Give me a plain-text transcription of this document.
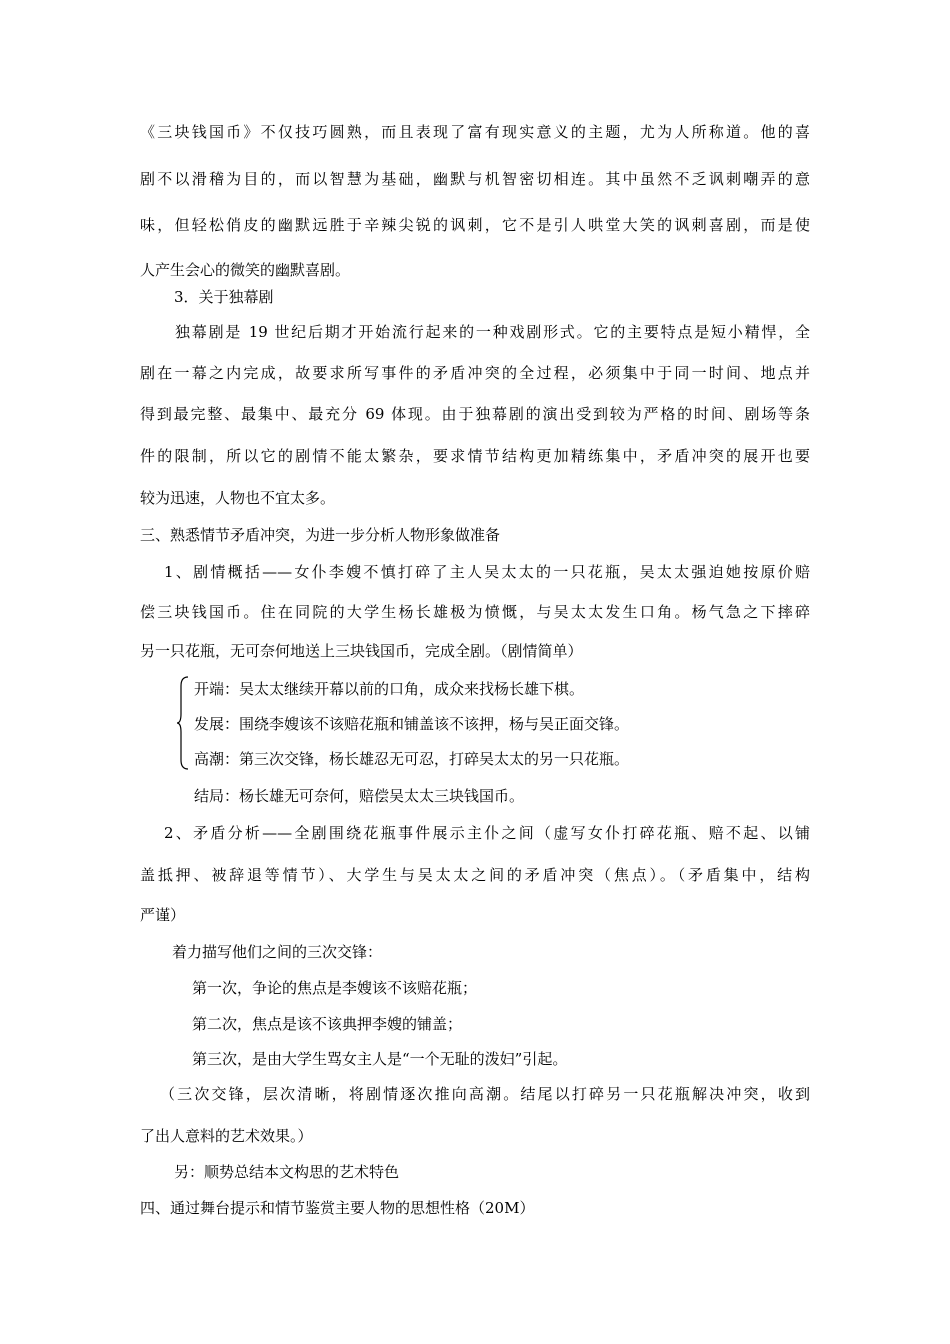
《三块钱国币》不仅技巧圆熟，而且表现了富有现实意义的主题，尤为人所称道。他的喜
剧不以滑稽为目的，而以智慧为基础，幽默与机智密切相连。其中虽然不乏讽刺嘲弄的意
味，但轻松俏皮的幽默远胜于辛辣尖锐的讽刺，它不是引人哄堂大笑的讽刺喜剧，而是使
人产生会心的微笑的幽默喜剧。
3．关于独幕剧
独幕剧是 19 世纪后期才开始流行起来的一种戏剧形式。它的主要特点是短小精悍，全
剧在一幕之内完成，故要求所写事件的矛盾冲突的全过程，必须集中于同一时间、地点并
得到最完整、最集中、最充分 69 体现。由于独幕剧的演出受到较为严格的时间、剧场等条
件的限制，所以它的剧情不能太繁杂，要求情节结构更加精练集中，矛盾冲突的展开也要
较为迅速，人物也不宜太多。
三、熟悉情节矛盾冲突，为进一步分析人物形象做准备
1、剧情概括——女仆李嫂不慎打碎了主人吴太太的一只花瓶，吴太太强迫她按原价赔
偿三块钱国币。住在同院的大学生杨长雄极为愤慨，与吴太太发生口角。杨气急之下摔碎
另一只花瓶，无可奈何地送上三块钱国币，完成全剧。（剧情简单）
开端：吴太太继续开幕以前的口角，成众来找杨长雄下棋。
发展：围绕李嫂该不该赔花瓶和铺盖该不该押，杨与吴正面交锋。
高潮：第三次交锋，杨长雄忍无可忍，打碎吴太太的另一只花瓶。
结局：杨长雄无可奈何，赔偿吴太太三块钱国币。
2、矛盾分析——全剧围绕花瓶事件展示主仆之间（虚写女仆打碎花瓶、赔不起、以铺
盖抵押、被辞退等情节）、大学生与吴太太之间的矛盾冲突（焦点）。（矛盾集中，结构
严谨）
着力描写他们之间的三次交锋：
第一次，争论的焦点是李嫂该不该赔花瓶；
第二次，焦点是该不该典押李嫂的铺盖；
第三次，是由大学生骂女主人是“一个无耻的泼妇”引起。
（三次交锋，层次清晰，将剧情逐次推向高潮。结尾以打碎另一只花瓶解决冲突，收到
了出人意料的艺术效果。）
另：顺势总结本文构思的艺术特色
四、通过舞台提示和情节鉴赏主要人物的思想性格（20M）
